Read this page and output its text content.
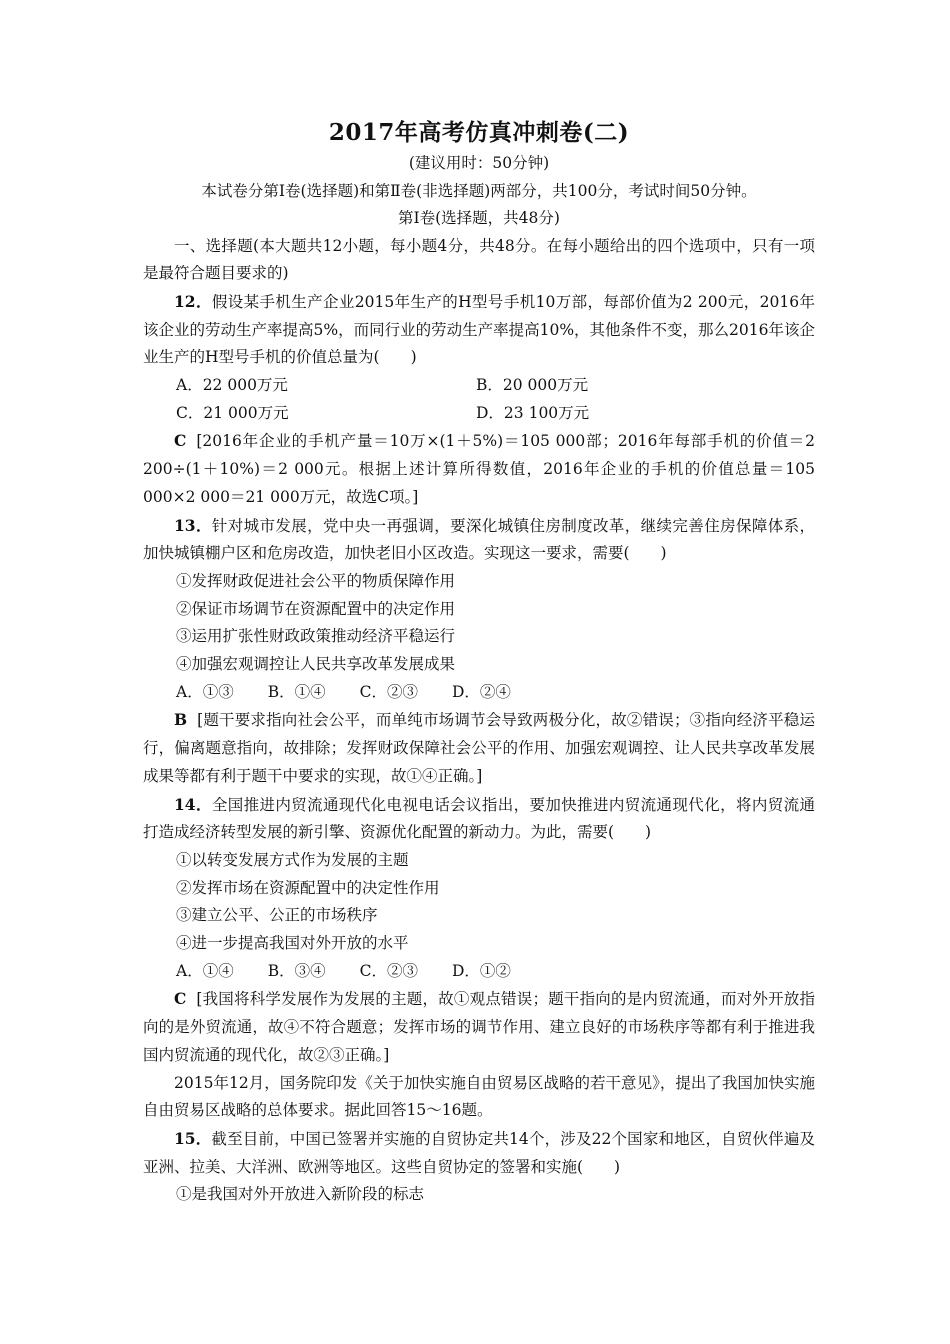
2017年高考仿真冲刺卷(二)
(建议用时：50分钟)
本试卷分第Ⅰ卷(选择题)和第Ⅱ卷(非选择题)两部分，共100分，考试时间50分钟。
第Ⅰ卷(选择题，共48分)

一、选择题(本大题共12小题，每小题4分，共48分。在每小题给出的四个选项中，只有一项是最符合题目要求的)

12．假设某手机生产企业2015年生产的H型号手机10万部，每部价值为2 200元，2016年该企业的劳动生产率提高5%，而同行业的劳动生产率提高10%，其他条件不变，那么2016年该企业生产的H型号手机的价值总量为(　　)

A．22 000万元	B．20 000万元
C．21 000万元	D．23 100万元

C [2016年企业的手机产量＝10万×(1＋5%)＝105 000部；2016年每部手机的价值＝2 200÷(1＋10%)＝2 000元。根据上述计算所得数值，2016年企业的手机的价值总量＝105 000×2 000＝21 000万元，故选C项。]

13．针对城市发展，党中央一再强调，要深化城镇住房制度改革，继续完善住房保障体系，加快城镇棚户区和危房改造，加快老旧小区改造。实现这一要求，需要(　　)

①发挥财政促进社会公平的物质保障作用
②保证市场调节在资源配置中的决定作用
③运用扩张性财政政策推动经济平稳运行
④加强宏观调控让人民共享改革发展成果
A．①③ B．①④ C．②③ D．②④

B [题干要求指向社会公平，而单纯市场调节会导致两极分化，故②错误；③指向经济平稳运行，偏离题意指向，故排除；发挥财政保障社会公平的作用、加强宏观调控、让人民共享改革发展成果等都有利于题干中要求的实现，故①④正确。]

14．全国推进内贸流通现代化电视电话会议指出，要加快推进内贸流通现代化，将内贸流通打造成经济转型发展的新引擎、资源优化配置的新动力。为此，需要(　　)

①以转变发展方式作为发展的主题
②发挥市场在资源配置中的决定性作用
③建立公平、公正的市场秩序
④进一步提高我国对外开放的水平
A．①④ B．③④ C．②③ D．①②

C [我国将科学发展作为发展的主题，故①观点错误；题干指向的是内贸流通，而对外开放指向的是外贸流通，故④不符合题意；发挥市场的调节作用、建立良好的市场秩序等都有利于推进我国内贸流通的现代化，故②③正确。]

2015年12月，国务院印发《关于加快实施自由贸易区战略的若干意见》，提出了我国加快实施自由贸易区战略的总体要求。据此回答15～16题。

15．截至目前，中国已签署并实施的自贸协定共14个，涉及22个国家和地区，自贸伙伴遍及亚洲、拉美、大洋洲、欧洲等地区。这些自贸协定的签署和实施(　　)

①是我国对外开放进入新阶段的标志
